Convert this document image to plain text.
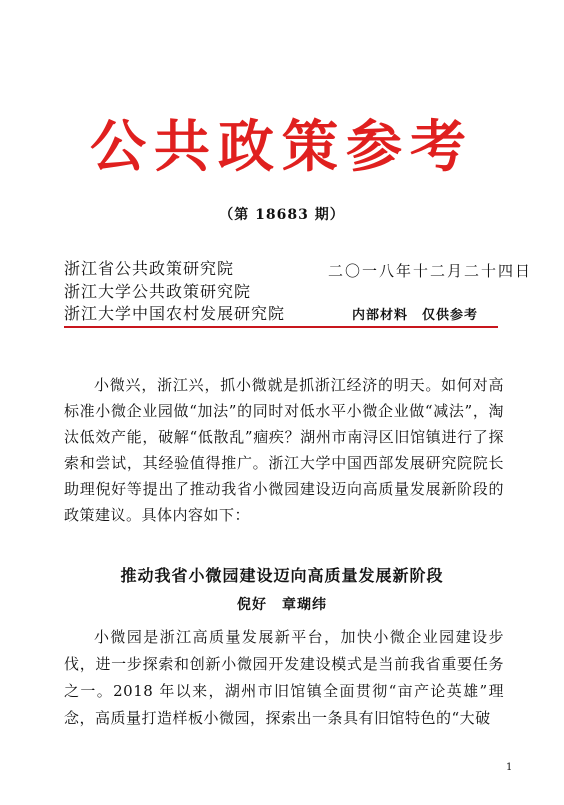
公共政策参考
（第 18683 期）
浙江省公共政策研究院
浙江大学公共政策研究院
浙江大学中国农村发展研究院
二〇一八年十二月二十四日
内部材料　仅供参考

小微兴，浙江兴，抓小微就是抓浙江经济的明天。如何对高标准小微企业园做“加法”的同时对低水平小微企业做“减法”，淘汰低效产能，破解“低散乱”痼疾？湖州市南浔区旧馆镇进行了探索和尝试，其经验值得推广。浙江大学中国西部发展研究院院长助理倪好等提出了推动我省小微园建设迈向高质量发展新阶段的政策建议。具体内容如下：

推动我省小微园建设迈向高质量发展新阶段
倪好　章瑚纬

小微园是浙江高质量发展新平台，加快小微企业园建设步伐，进一步探索和创新小微园开发建设模式是当前我省重要任务之一。2018 年以来，湖州市旧馆镇全面贯彻“亩产论英雄”理念，高质量打造样板小微园，探索出一条具有旧馆特色的“大破

1
